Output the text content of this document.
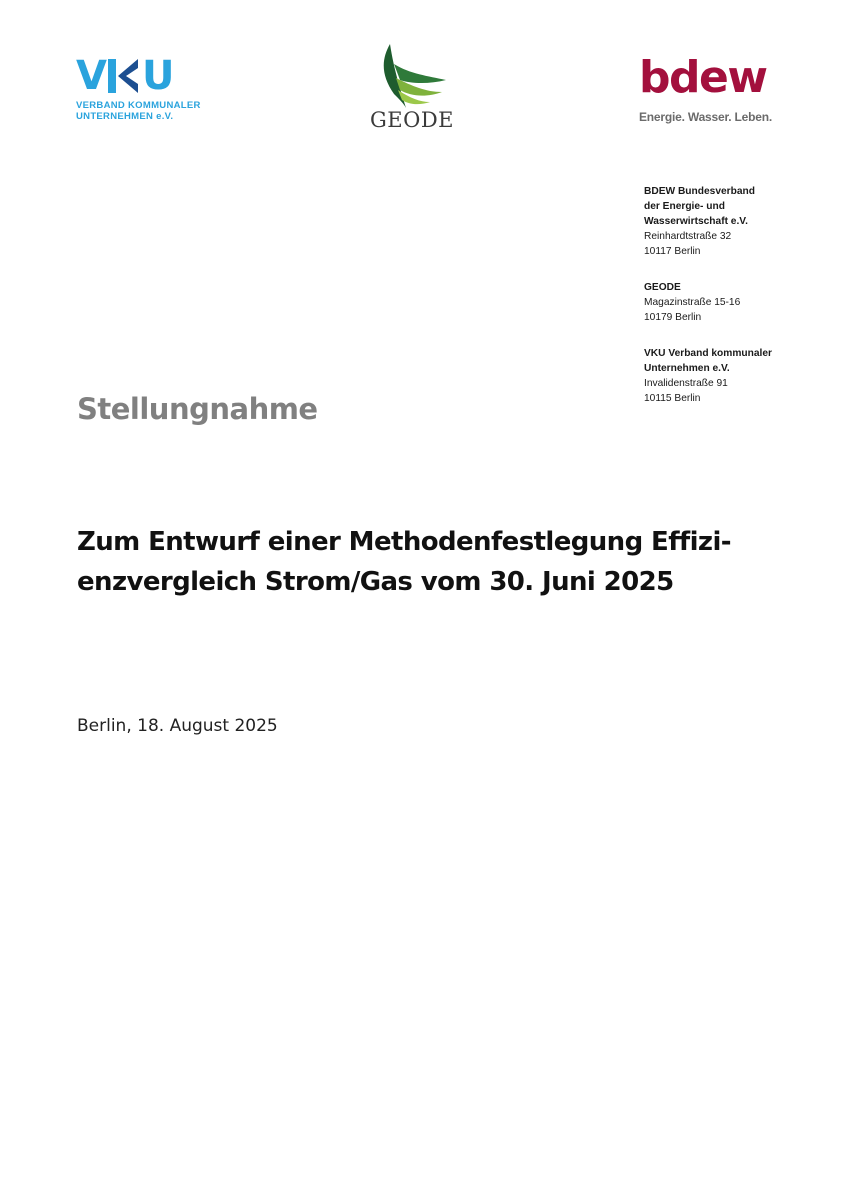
V U
VERBAND KOMMUNALER
UNTERNEHMEN e.V.	GEODE
bdew
Energie. Wasser. Leben.
BDEW Bundesverband
der Energie- und
Wasserwirtschaft e.V.
Reinhardtstraße 32
10117 Berlin
GEODE
Magazinstraße 15-16
10179 Berlin
VKU Verband kommunaler
Unternehmen e.V.
Invalidenstraße 91
10115 Berlin
Stellungnahme
Zum Entwurf einer Methodenfestlegung Effizi-
enzvergleich Strom/Gas vom 30. Juni 2025
Berlin, 18. August 2025
